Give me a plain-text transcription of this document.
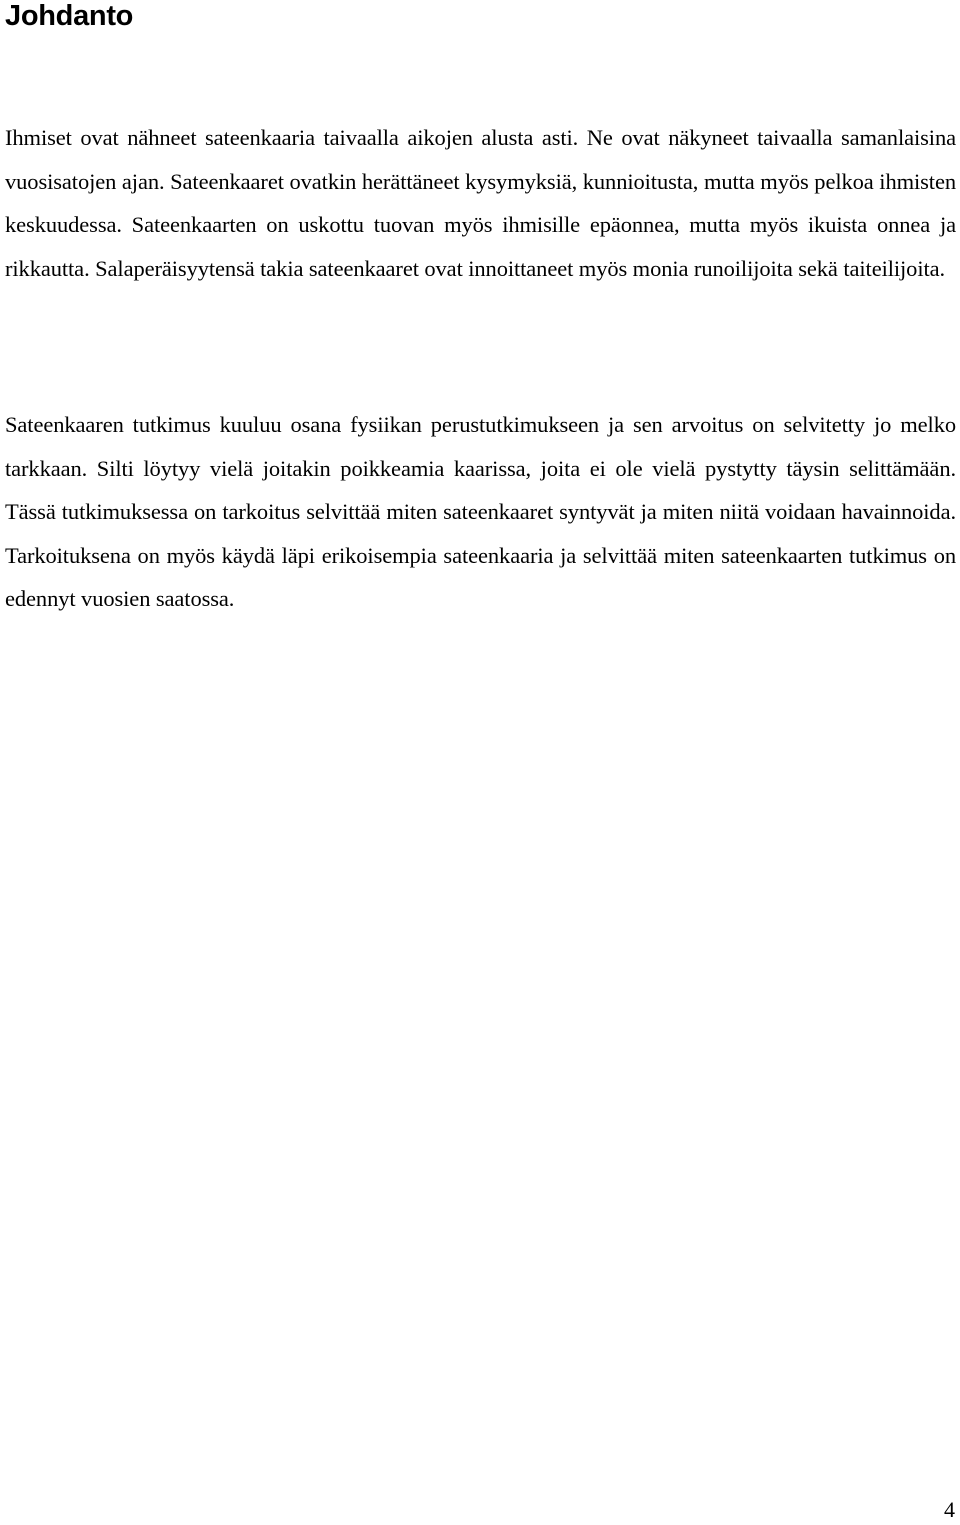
Johdanto

Ihmiset ovat nähneet sateenkaaria taivaalla aikojen alusta asti. Ne ovat näkyneet taivaalla samanlaisina vuosisatojen ajan. Sateenkaaret ovatkin herättäneet kysymyksiä, kunnioitusta, mutta myös pelkoa ihmisten keskuudessa. Sateenkaarten on uskottu tuovan myös ihmisille epäonnea, mutta myös ikuista onnea ja rikkautta. Salaperäisyytensä takia sateenkaaret ovat innoittaneet myös monia runoilijoita sekä taiteilijoita.

Sateenkaaren tutkimus kuuluu osana fysiikan perustutkimukseen ja sen arvoitus on selvitetty jo melko tarkkaan. Silti löytyy vielä joitakin poikkeamia kaarissa, joita ei ole vielä pystytty täysin selittämään. Tässä tutkimuksessa on tarkoitus selvittää miten sateenkaaret syntyvät ja miten niitä voidaan havainnoida. Tarkoituksena on myös käydä läpi erikoisempia sateenkaaria ja selvittää miten sateenkaarten tutkimus on edennyt vuosien saatossa.

4
